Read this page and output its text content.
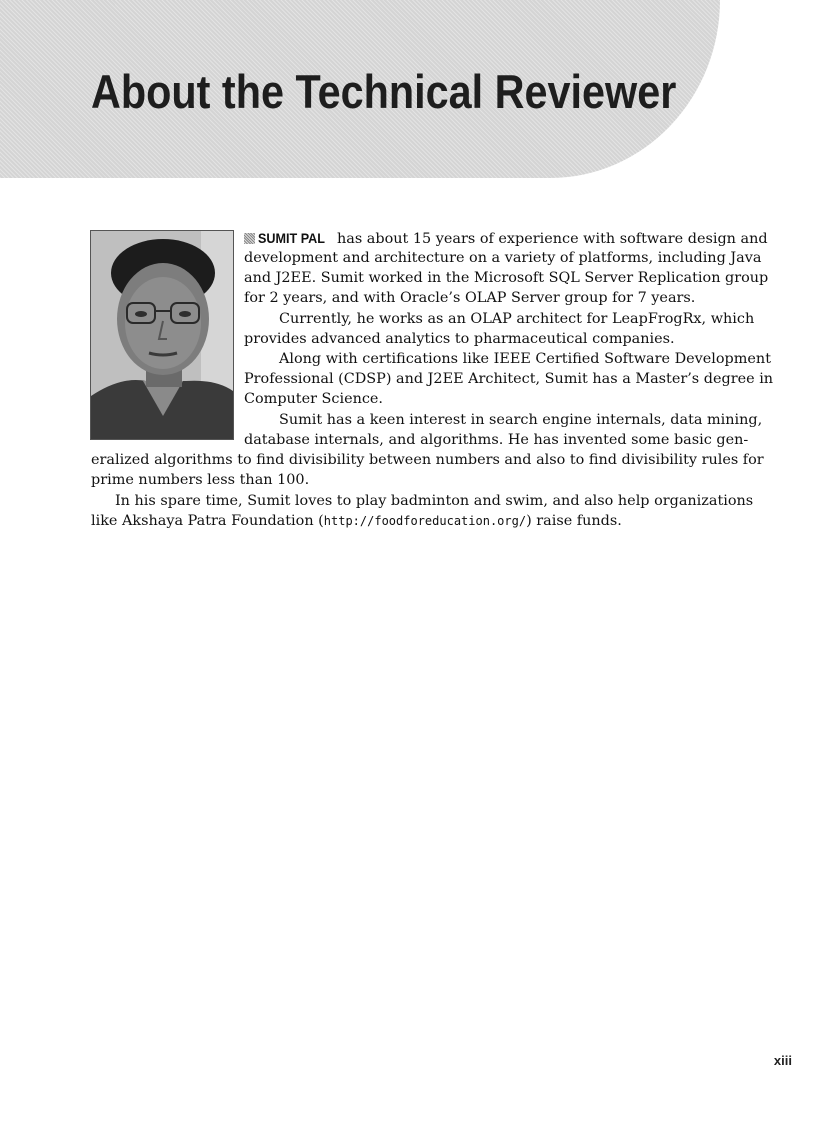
About the Technical Reviewer

SUMIT PAL has about 15 years of experience with software design and

development and architecture on a variety of platforms, including Java

and J2EE. Sumit worked in the Microsoft SQL Server Replication group

for 2 years, and with Oracle’s OLAP Server group for 7 years.

Currently, he works as an OLAP architect for LeapFrogRx, which

provides advanced analytics to pharmaceutical companies.

Along with certifications like IEEE Certified Software Development

Professional (CDSP) and J2EE Architect, Sumit has a Master’s degree in

Computer Science.

Sumit has a keen interest in search engine internals, data mining,

database internals, and algorithms. He has invented some basic gen-

eralized algorithms to find divisibility between numbers and also to find divisibility rules for

prime numbers less than 100.

In his spare time, Sumit loves to play badminton and swim, and also help organizations

like Akshaya Patra Foundation (http://foodforeducation.org/) raise funds.

xiii
